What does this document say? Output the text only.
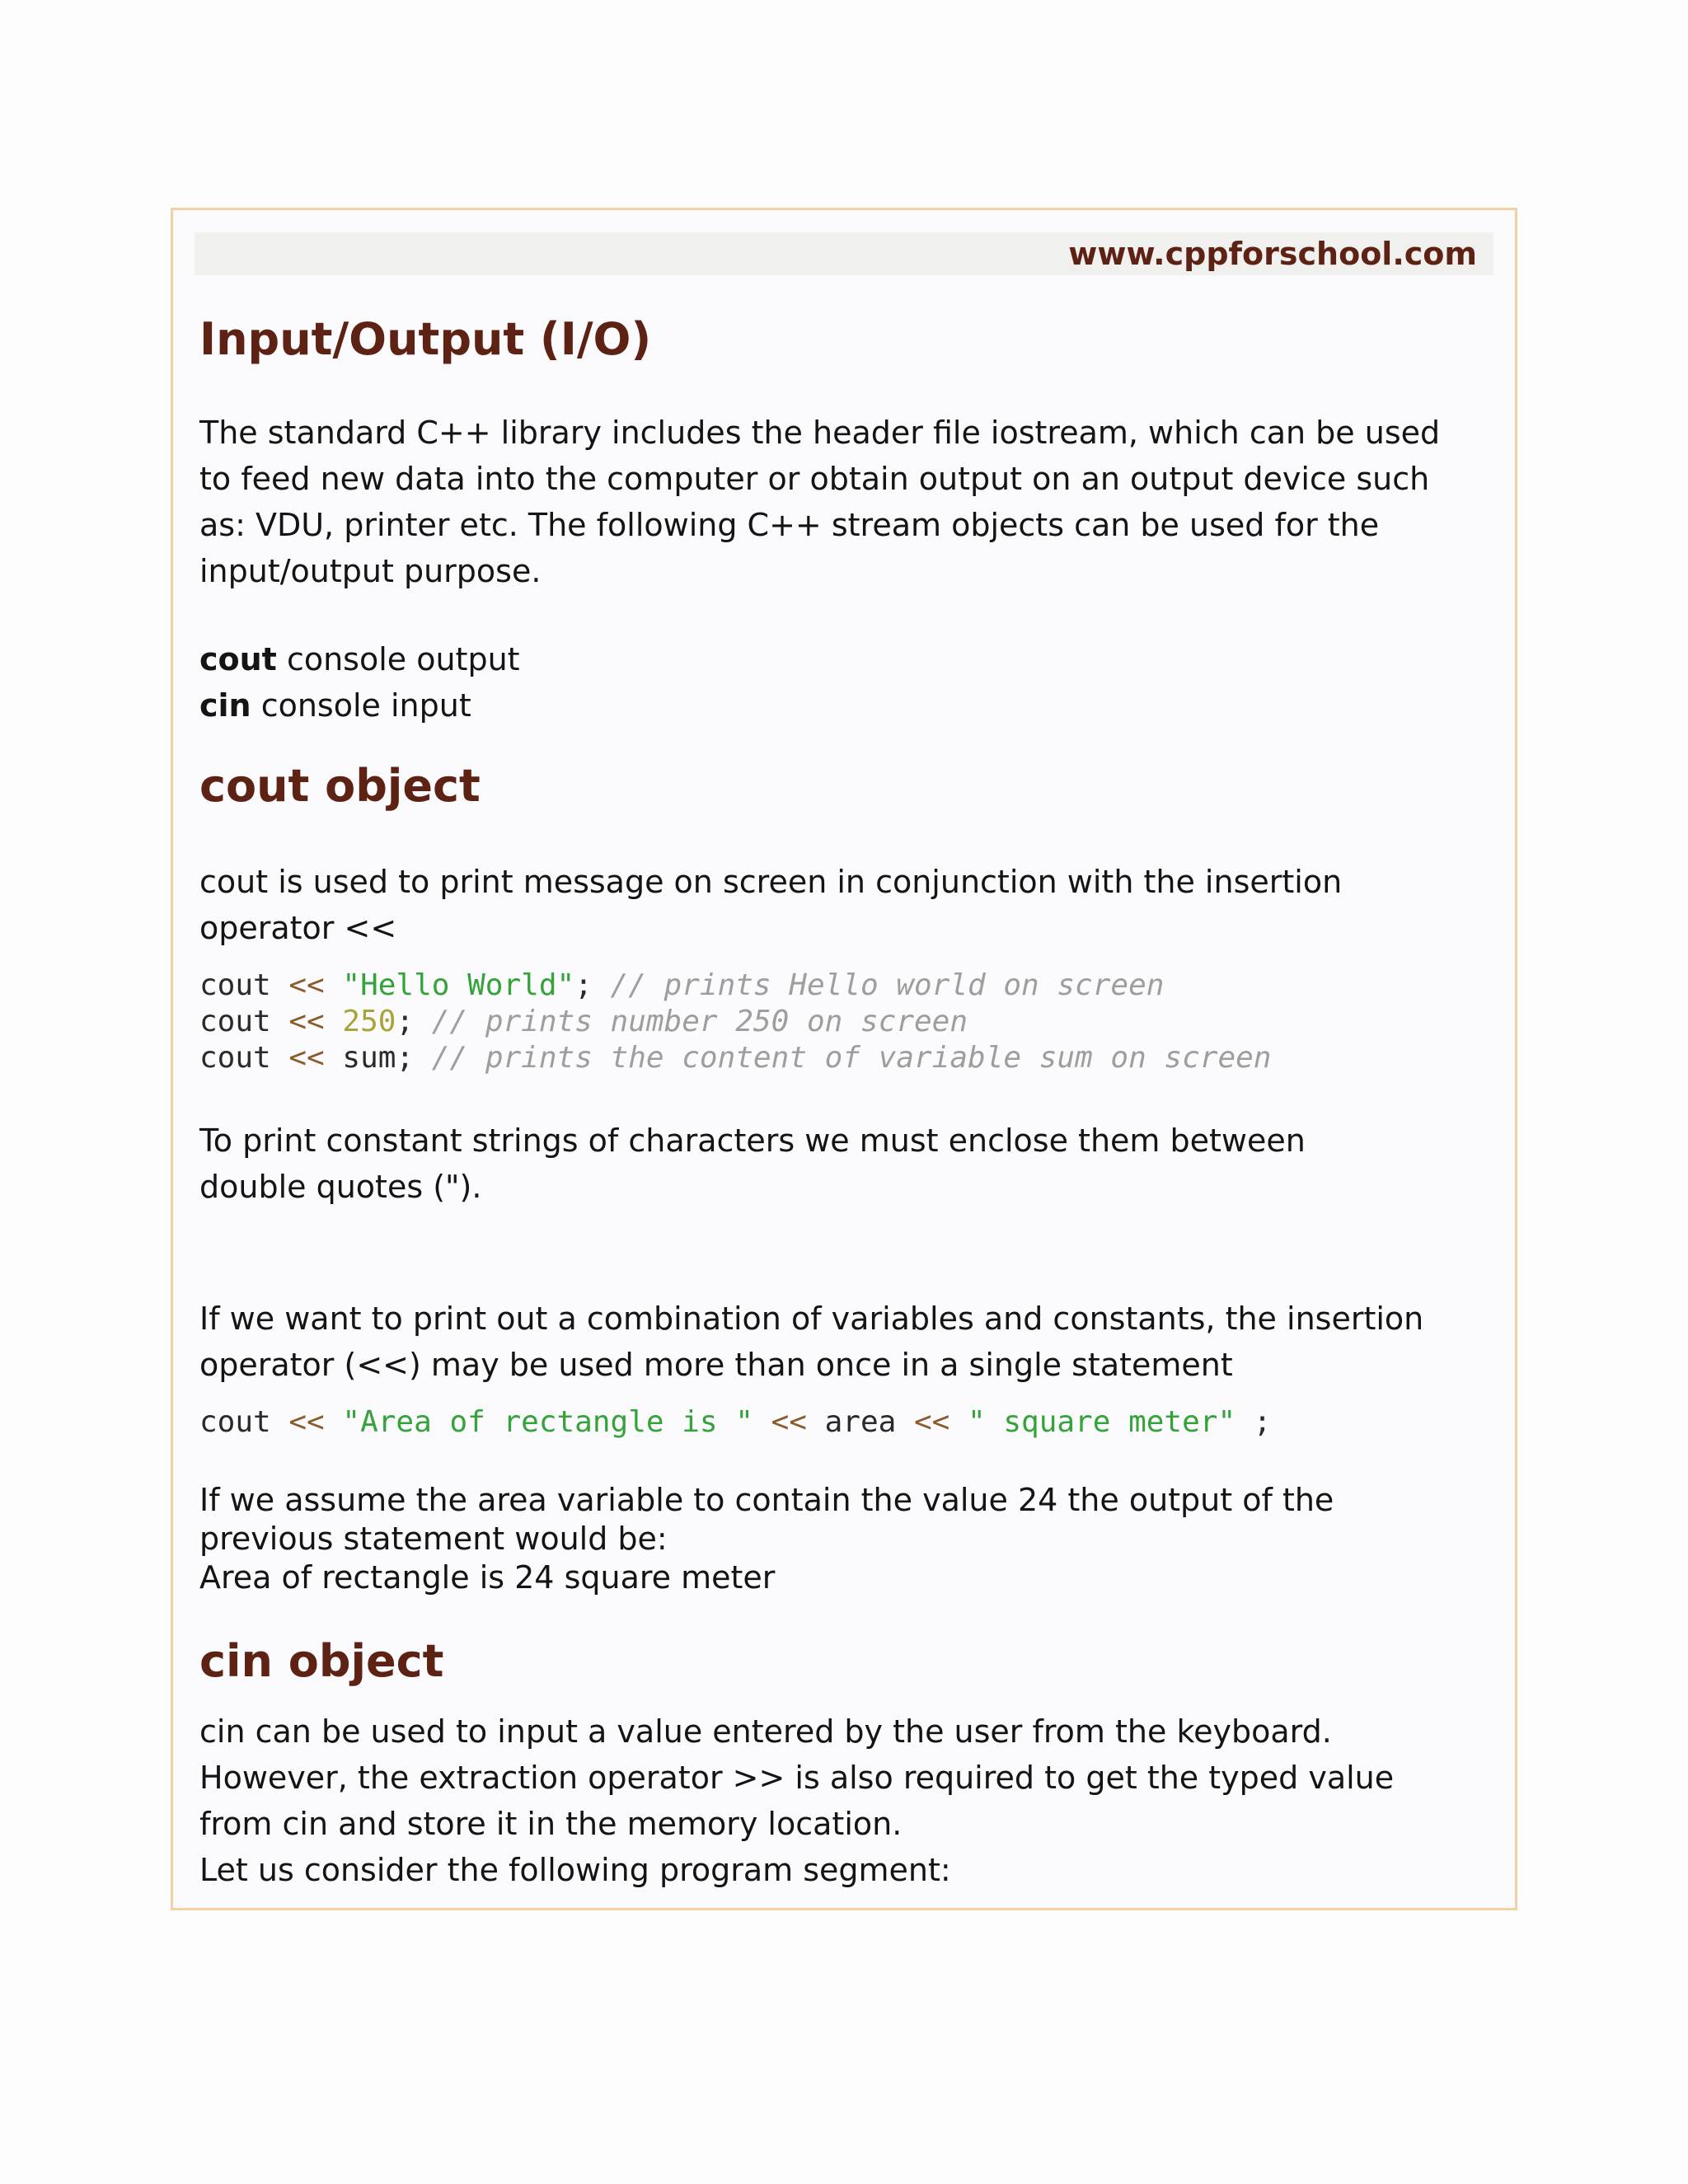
www.cppforschool.com
Input/Output (I/O)
The standard C++ library includes the header file iostream, which can be used
to feed new data into the computer or obtain output on an output device such
as: VDU, printer etc. The following C++ stream objects can be used for the
input/output purpose.
cout console output
cin console input
cout object
cout is used to print message on screen in conjunction with the insertion
operator <<
cout << "Hello World"; // prints Hello world on screen
cout << 250; // prints number 250 on screen
cout << sum; // prints the content of variable sum on screen
To print constant strings of characters we must enclose them between
double quotes (").
If we want to print out a combination of variables and constants, the insertion
operator (<<) may be used more than once in a single statement
cout << "Area of rectangle is " << area << " square meter" ;
If we assume the area variable to contain the value 24 the output of the
previous statement would be:
Area of rectangle is 24 square meter
cin object
cin can be used to input a value entered by the user from the keyboard.
However, the extraction operator >> is also required to get the typed value
from cin and store it in the memory location.
Let us consider the following program segment:
